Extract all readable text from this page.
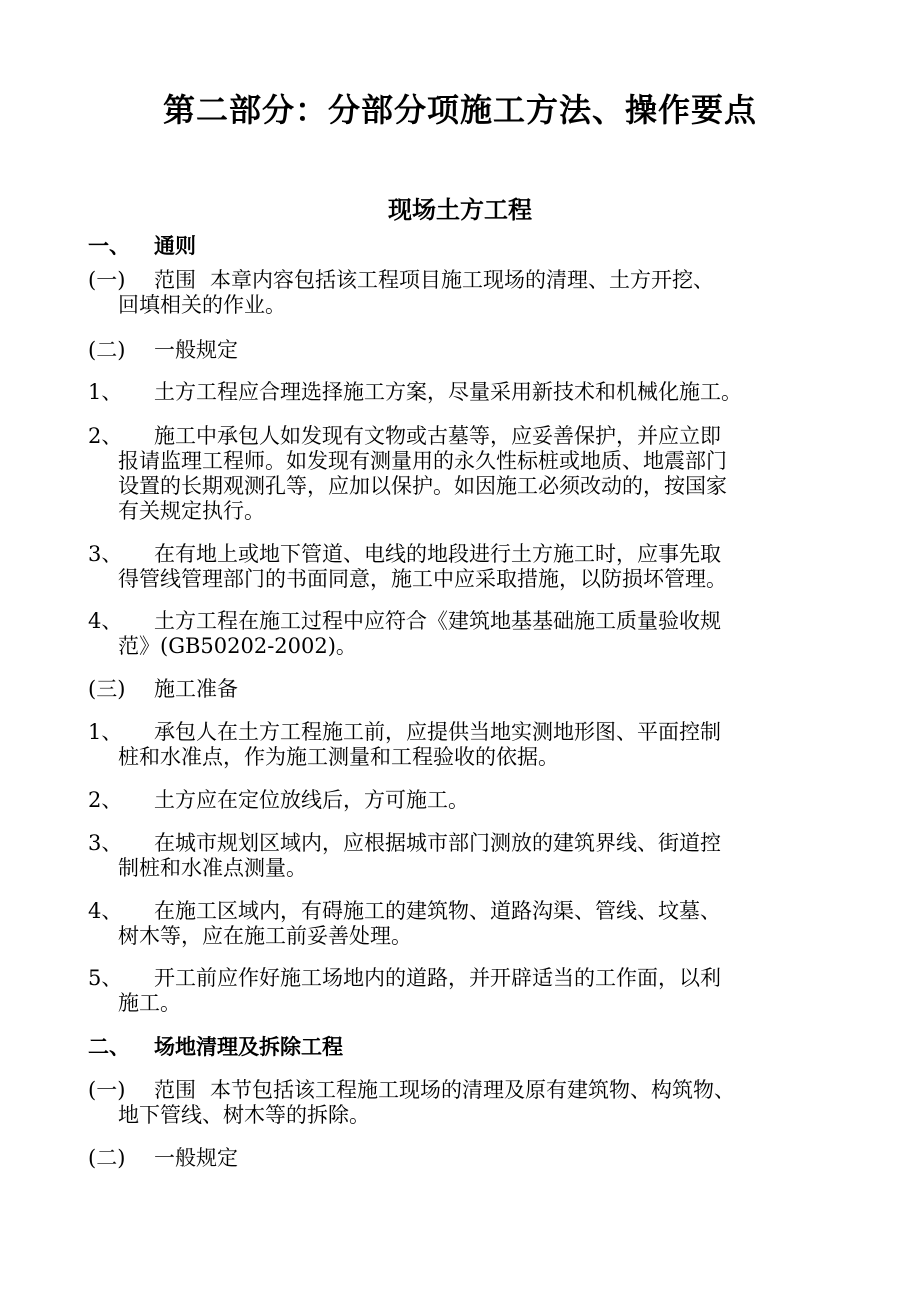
第二部分：分部分项施工方法、操作要点
现场土方工程
一、 通则
(一) 范围 本章内容包括该工程项目施工现场的清理、土方开挖、
回填相关的作业。
(二) 一般规定
1、 土方工程应合理选择施工方案，尽量采用新技术和机械化施工。
2、 施工中承包人如发现有文物或古墓等，应妥善保护，并应立即
报请监理工程师。如发现有测量用的永久性标桩或地质、地震部门
设置的长期观测孔等，应加以保护。如因施工必须改动的，按国家
有关规定执行。
3、 在有地上或地下管道、电线的地段进行土方施工时，应事先取
得管线管理部门的书面同意，施工中应采取措施，以防损坏管理。
4、 土方工程在施工过程中应符合《建筑地基基础施工质量验收规
范》(GB50202-2002)。
(三) 施工准备
1、 承包人在土方工程施工前，应提供当地实测地形图、平面控制
桩和水准点，作为施工测量和工程验收的依据。
2、 土方应在定位放线后，方可施工。
3、 在城市规划区域内，应根据城市部门测放的建筑界线、街道控
制桩和水准点测量。
4、 在施工区域内，有碍施工的建筑物、道路沟渠、管线、坟墓、
树木等，应在施工前妥善处理。
5、 开工前应作好施工场地内的道路，并开辟适当的工作面，以利
施工。
二、 场地清理及拆除工程
(一) 范围 本节包括该工程施工现场的清理及原有建筑物、构筑物、
地下管线、树木等的拆除。
(二) 一般规定
